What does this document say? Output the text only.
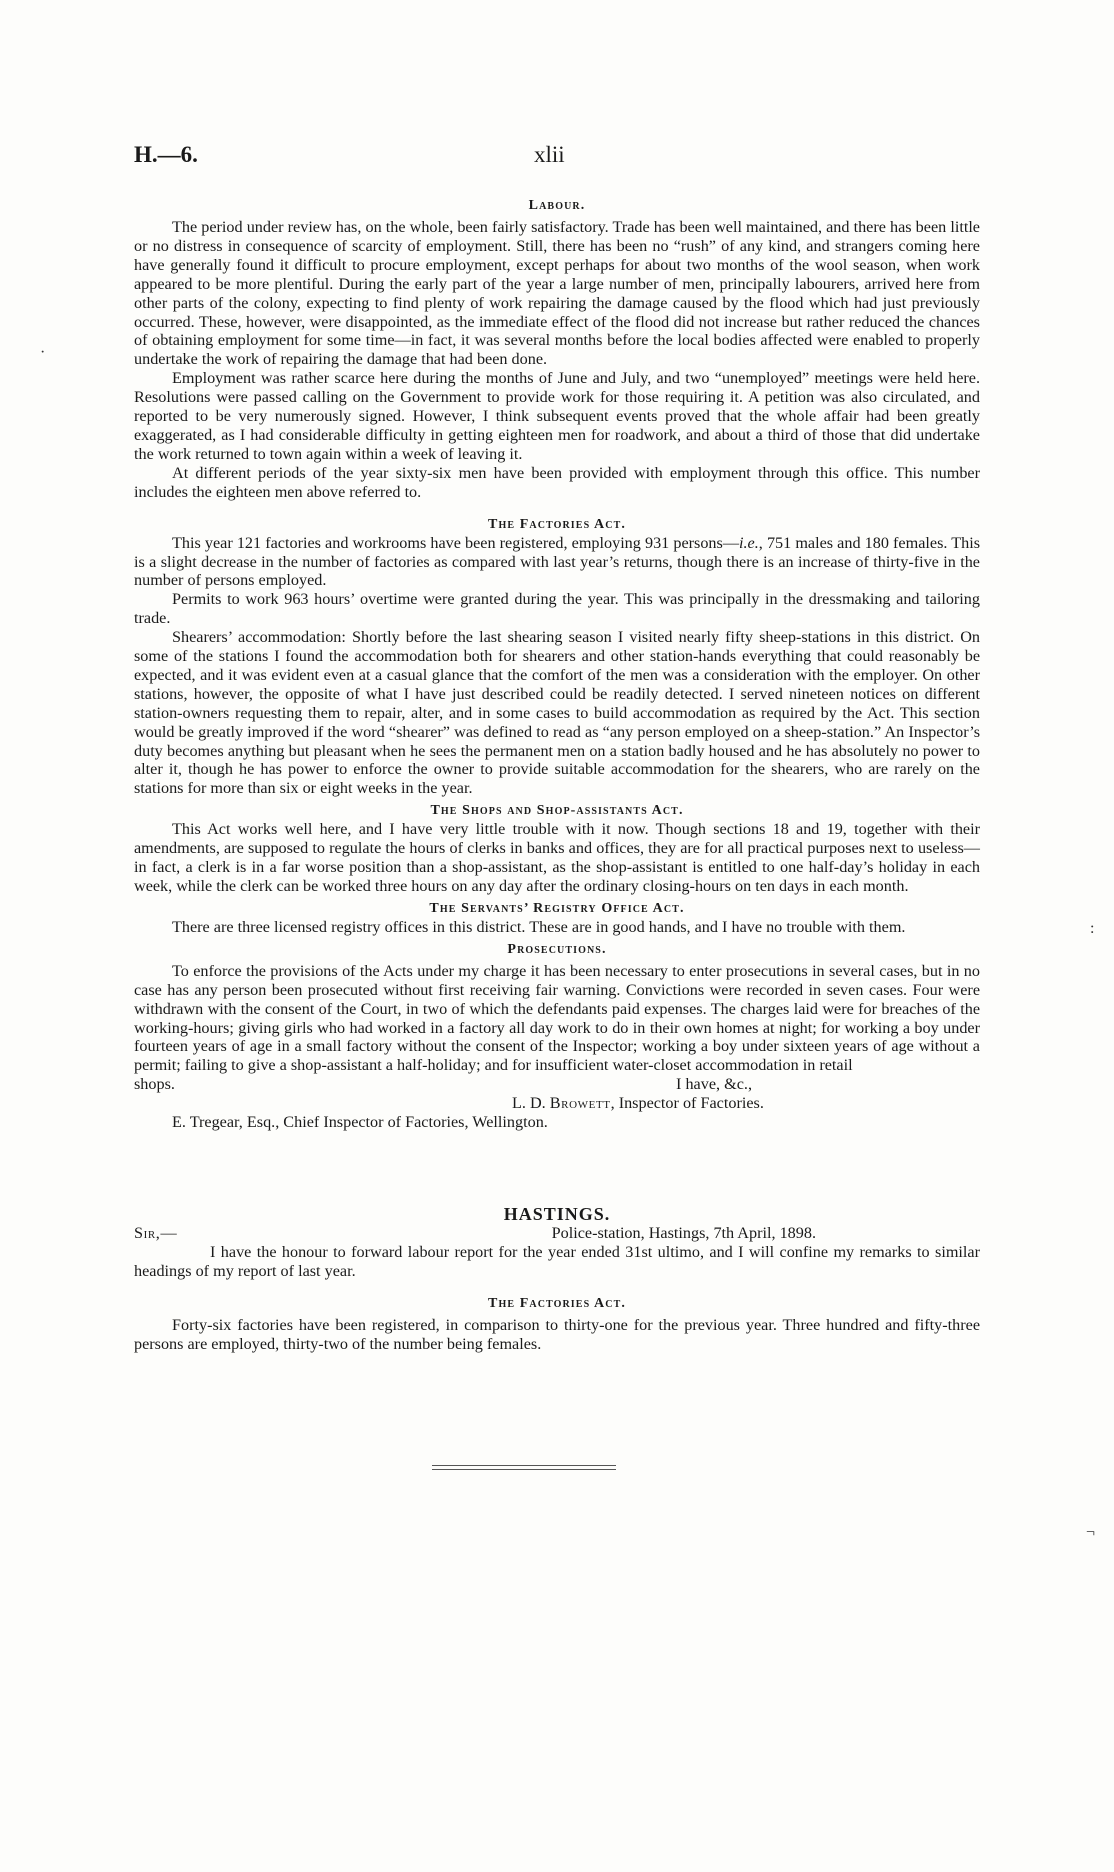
H.—6.	xlii
·
:
¬
Labour.

The period under review has, on the whole, been fairly satisfactory. Trade has been well maintained, and there has been little or no distress in consequence of scarcity of employment. Still, there has been no “rush” of any kind, and strangers coming here have generally found it difficult to procure employment, except perhaps for about two months of the wool season, when work appeared to be more plentiful. During the early part of the year a large number of men, principally labourers, arrived here from other parts of the colony, expecting to find plenty of work repairing the damage caused by the flood which had just previously occurred. These, however, were disappointed, as the immediate effect of the flood did not increase but rather reduced the chances of obtaining employment for some time—in fact, it was several months before the local bodies affected were enabled to properly undertake the work of repairing the damage that had been done.

Employment was rather scarce here during the months of June and July, and two “unemployed” meetings were held here. Resolutions were passed calling on the Government to provide work for those requiring it. A petition was also circulated, and reported to be very numerously signed. However, I think subsequent events proved that the whole affair had been greatly exaggerated, as I had considerable difficulty in getting eighteen men for roadwork, and about a third of those that did undertake the work returned to town again within a week of leaving it.

At different periods of the year sixty-six men have been provided with employment through this office. This number includes the eighteen men above referred to.

The Factories Act.

This year 121 factories and workrooms have been registered, employing 931 persons—i.e., 751 males and 180 females. This is a slight decrease in the number of factories as compared with last year’s returns, though there is an increase of thirty-five in the number of persons employed.

Permits to work 963 hours’ overtime were granted during the year. This was principally in the dressmaking and tailoring trade.

Shearers’ accommodation: Shortly before the last shearing season I visited nearly fifty sheep-stations in this district. On some of the stations I found the accommodation both for shearers and other station-hands everything that could reasonably be expected, and it was evident even at a casual glance that the comfort of the men was a consideration with the employer. On other stations, however, the opposite of what I have just described could be readily detected. I served nineteen notices on different station-owners requesting them to repair, alter, and in some cases to build accommodation as required by the Act. This section would be greatly improved if the word “shearer” was defined to read as “any person employed on a sheep-station.” An Inspector’s duty becomes anything but pleasant when he sees the permanent men on a station badly housed and he has absolutely no power to alter it, though he has power to enforce the owner to provide suitable accommodation for the shearers, who are rarely on the stations for more than six or eight weeks in the year.

The Shops and Shop-assistants Act.

This Act works well here, and I have very little trouble with it now. Though sections 18 and 19, together with their amendments, are supposed to regulate the hours of clerks in banks and offices, they are for all practical purposes next to useless—in fact, a clerk is in a far worse position than a shop-assistant, as the shop-assistant is entitled to one half-day’s holiday in each week, while the clerk can be worked three hours on any day after the ordinary closing-hours on ten days in each month.

The Servants’ Registry Office Act.

There are three licensed registry offices in this district. These are in good hands, and I have no trouble with them.

Prosecutions.

To enforce the provisions of the Acts under my charge it has been necessary to enter prosecutions in several cases, but in no case has any person been prosecuted without first receiving fair warning. Convictions were recorded in seven cases. Four were withdrawn with the consent of the Court, in two of which the defendants paid expenses. The charges laid were for breaches of the working-hours; giving girls who had worked in a factory all day work to do in their own homes at night; for working a boy under fourteen years of age in a small factory without the consent of the Inspector; working a boy under sixteen years of age without a permit; failing to give a shop-assistant a half-holiday; and for insufficient water-closet accommodation in retail

shops.	I have, &c.,
L. D. Browett, Inspector of Factories.
E. Tregear, Esq., Chief Inspector of Factories, Wellington.
HASTINGS.
Sir,—	Police-station, Hastings, 7th April, 1898.

I have the honour to forward labour report for the year ended 31st ultimo, and I will confine my remarks to similar headings of my report of last year.

The Factories Act.

Forty-six factories have been registered, in comparison to thirty-one for the previous year. Three hundred and fifty-three persons are employed, thirty-two of the number being females.
